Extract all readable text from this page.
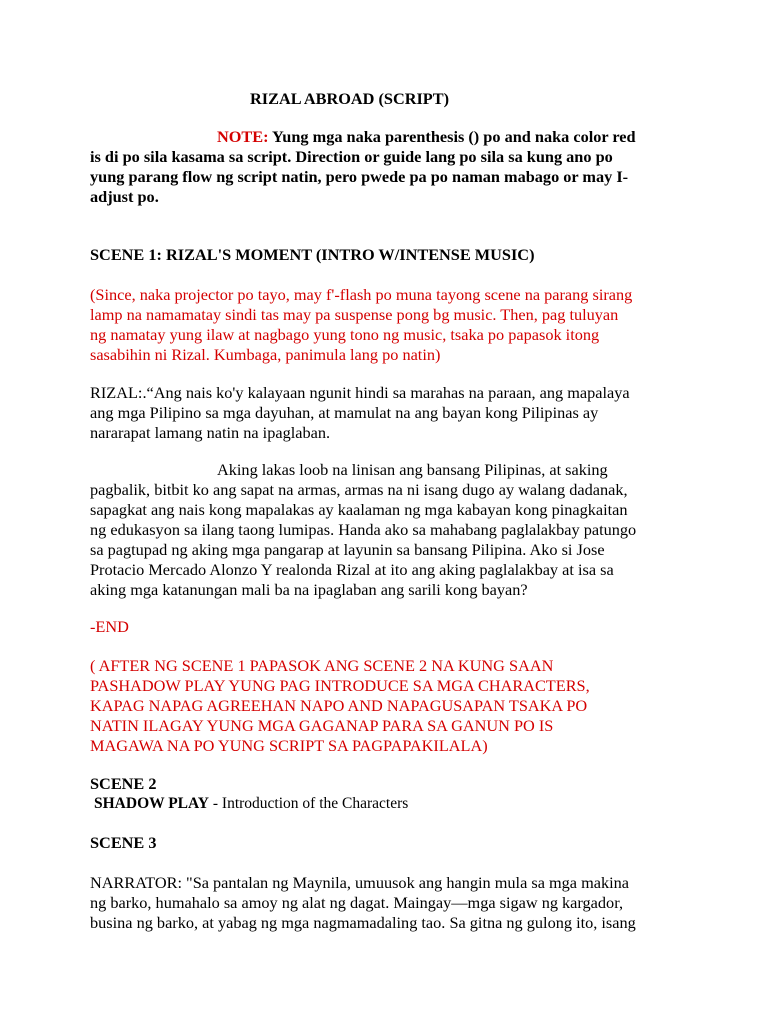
RIZAL ABROAD (SCRIPT)
NOTE: Yung mga naka parenthesis () po and naka color red
is di po sila kasama sa script. Direction or guide lang po sila sa kung ano po
yung parang flow ng script natin, pero pwede pa po naman mabago or may I-
adjust po.
SCENE 1: RIZAL'S MOMENT (INTRO W/INTENSE MUSIC)
(Since, naka projector po tayo, may f'-flash po muna tayong scene na parang sirang
lamp na namamatay sindi tas may pa suspense pong bg music. Then, pag tuluyan
ng namatay yung ilaw at nagbago yung tono ng music, tsaka po papasok itong
sasabihin ni Rizal. Kumbaga, panimula lang po natin)
RIZAL:.“Ang nais ko'y kalayaan ngunit hindi sa marahas na paraan, ang mapalaya
ang mga Pilipino sa mga dayuhan, at mamulat na ang bayan kong Pilipinas ay
nararapat lamang natin na ipaglaban.
Aking lakas loob na linisan ang bansang Pilipinas, at saking
pagbalik, bitbit ko ang sapat na armas, armas na ni isang dugo ay walang dadanak,
sapagkat ang nais kong mapalakas ay kaalaman ng mga kabayan kong pinagkaitan
ng edukasyon sa ilang taong lumipas. Handa ako sa mahabang paglalakbay patungo
sa pagtupad ng aking mga pangarap at layunin sa bansang Pilipina. Ako si Jose
Protacio Mercado Alonzo Y realonda Rizal at ito ang aking paglalakbay at isa sa
aking mga katanungan mali ba na ipaglaban ang sarili kong bayan?
-END
( AFTER NG SCENE 1 PAPASOK ANG SCENE 2 NA KUNG SAAN
PASHADOW PLAY YUNG PAG INTRODUCE SA MGA CHARACTERS,
KAPAG NAPAG AGREEHAN NAPO AND NAPAGUSAPAN TSAKA PO
NATIN ILAGAY YUNG MGA GAGANAP PARA SA GANUN PO IS
MAGAWA NA PO YUNG SCRIPT SA PAGPAPAKILALA)
SCENE 2
SHADOW PLAY - Introduction of the Characters
SCENE 3
NARRATOR: "Sa pantalan ng Maynila, umuusok ang hangin mula sa mga makina
ng barko, humahalo sa amoy ng alat ng dagat. Maingay—mga sigaw ng kargador,
busina ng barko, at yabag ng mga nagmamadaling tao. Sa gitna ng gulong ito, isang
